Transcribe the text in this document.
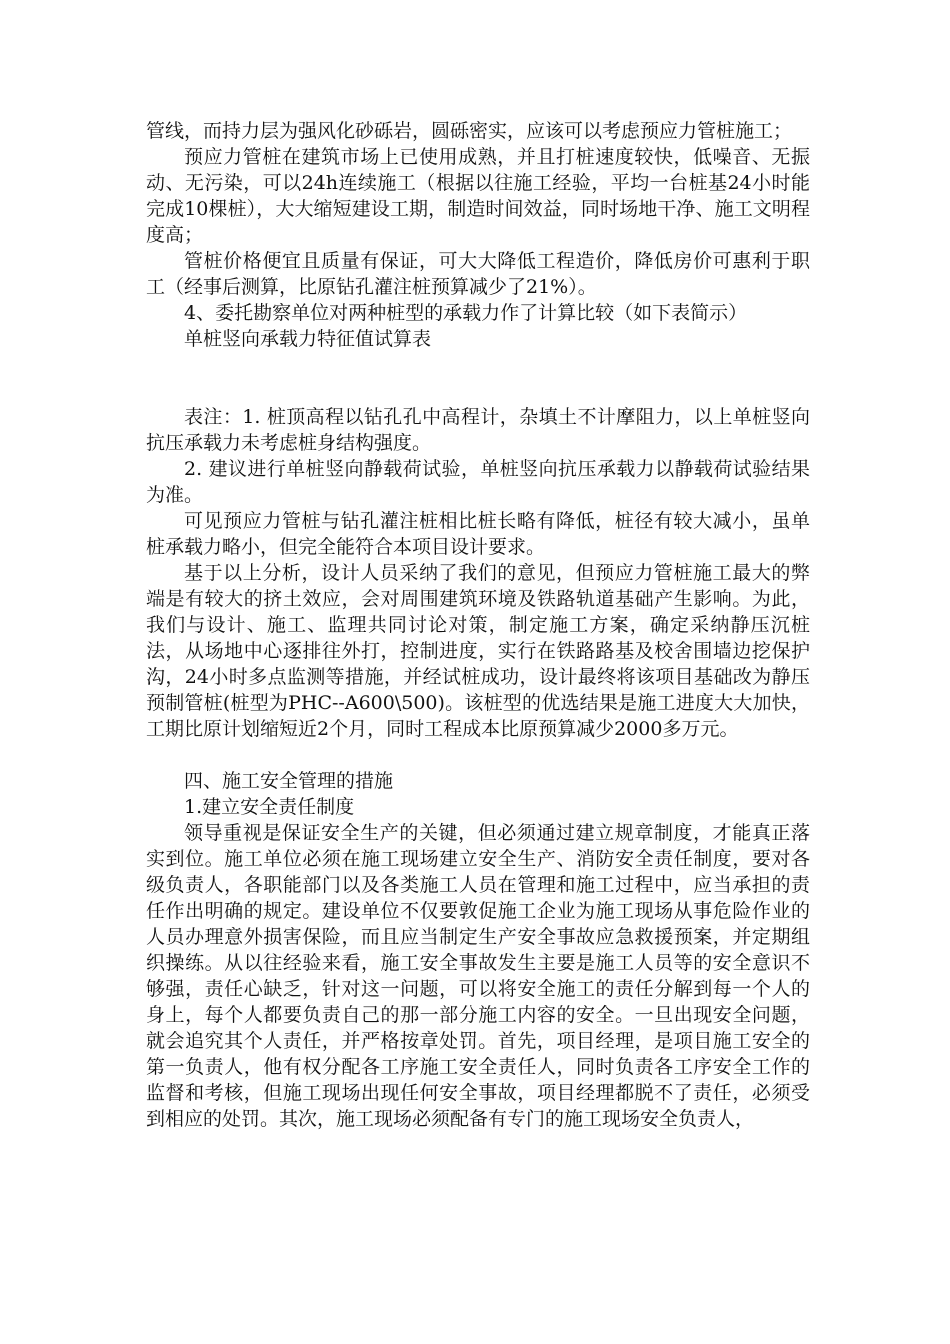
管线，而持力层为强风化砂砾岩，圆砾密实，应该可以考虑预应力管桩施工；

预应力管桩在建筑市场上已使用成熟，并且打桩速度较快，低噪音、无振动、无污染，可以24h连续施工（根据以往施工经验，平均一台桩基24小时能完成10棵桩），大大缩短建设工期，制造时间效益，同时场地干净、施工文明程度高；

管桩价格便宜且质量有保证，可大大降低工程造价，降低房价可惠利于职工（经事后测算，比原钻孔灌注桩预算减少了21%）。

4、委托勘察单位对两种桩型的承载力作了计算比较（如下表简示）

单桩竖向承载力特征值试算表

表注：1. 桩顶高程以钻孔孔中高程计，杂填土不计摩阻力，以上单桩竖向抗压承载力未考虑桩身结构强度。

2. 建议进行单桩竖向静载荷试验，单桩竖向抗压承载力以静载荷试验结果为准。

可见预应力管桩与钻孔灌注桩相比桩长略有降低，桩径有较大减小，虽单桩承载力略小，但完全能符合本项目设计要求。

基于以上分析，设计人员采纳了我们的意见，但预应力管桩施工最大的弊端是有较大的挤土效应，会对周围建筑环境及铁路轨道基础产生影响。为此，我们与设计、施工、监理共同讨论对策，制定施工方案，确定采纳静压沉桩法，从场地中心逐排往外打，控制进度，实行在铁路路基及校舍围墙边挖保护沟，24小时多点监测等措施，并经试桩成功，设计最终将该项目基础改为静压预制管桩(桩型为PHC--A600\500)。该桩型的优选结果是施工进度大大加快，工期比原计划缩短近2个月，同时工程成本比原预算减少2000多万元。

四、施工安全管理的措施

1.建立安全责任制度

领导重视是保证安全生产的关键，但必须通过建立规章制度，才能真正落实到位。施工单位必须在施工现场建立安全生产、消防安全责任制度，要对各级负责人，各职能部门以及各类施工人员在管理和施工过程中，应当承担的责任作出明确的规定。建设单位不仅要敦促施工企业为施工现场从事危险作业的人员办理意外损害保险，而且应当制定生产安全事故应急救援预案，并定期组织操练。从以往经验来看，施工安全事故发生主要是施工人员等的安全意识不够强，责任心缺乏，针对这一问题，可以将安全施工的责任分解到每一个人的身上，每个人都要负责自己的那一部分施工内容的安全。一旦出现安全问题，就会追究其个人责任，并严格按章处罚。首先，项目经理，是项目施工安全的第一负责人，他有权分配各工序施工安全责任人，同时负责各工序安全工作的监督和考核，但施工现场出现任何安全事故，项目经理都脱不了责任，必须受到相应的处罚。其次，施工现场必须配备有专门的施工现场安全负责人，
